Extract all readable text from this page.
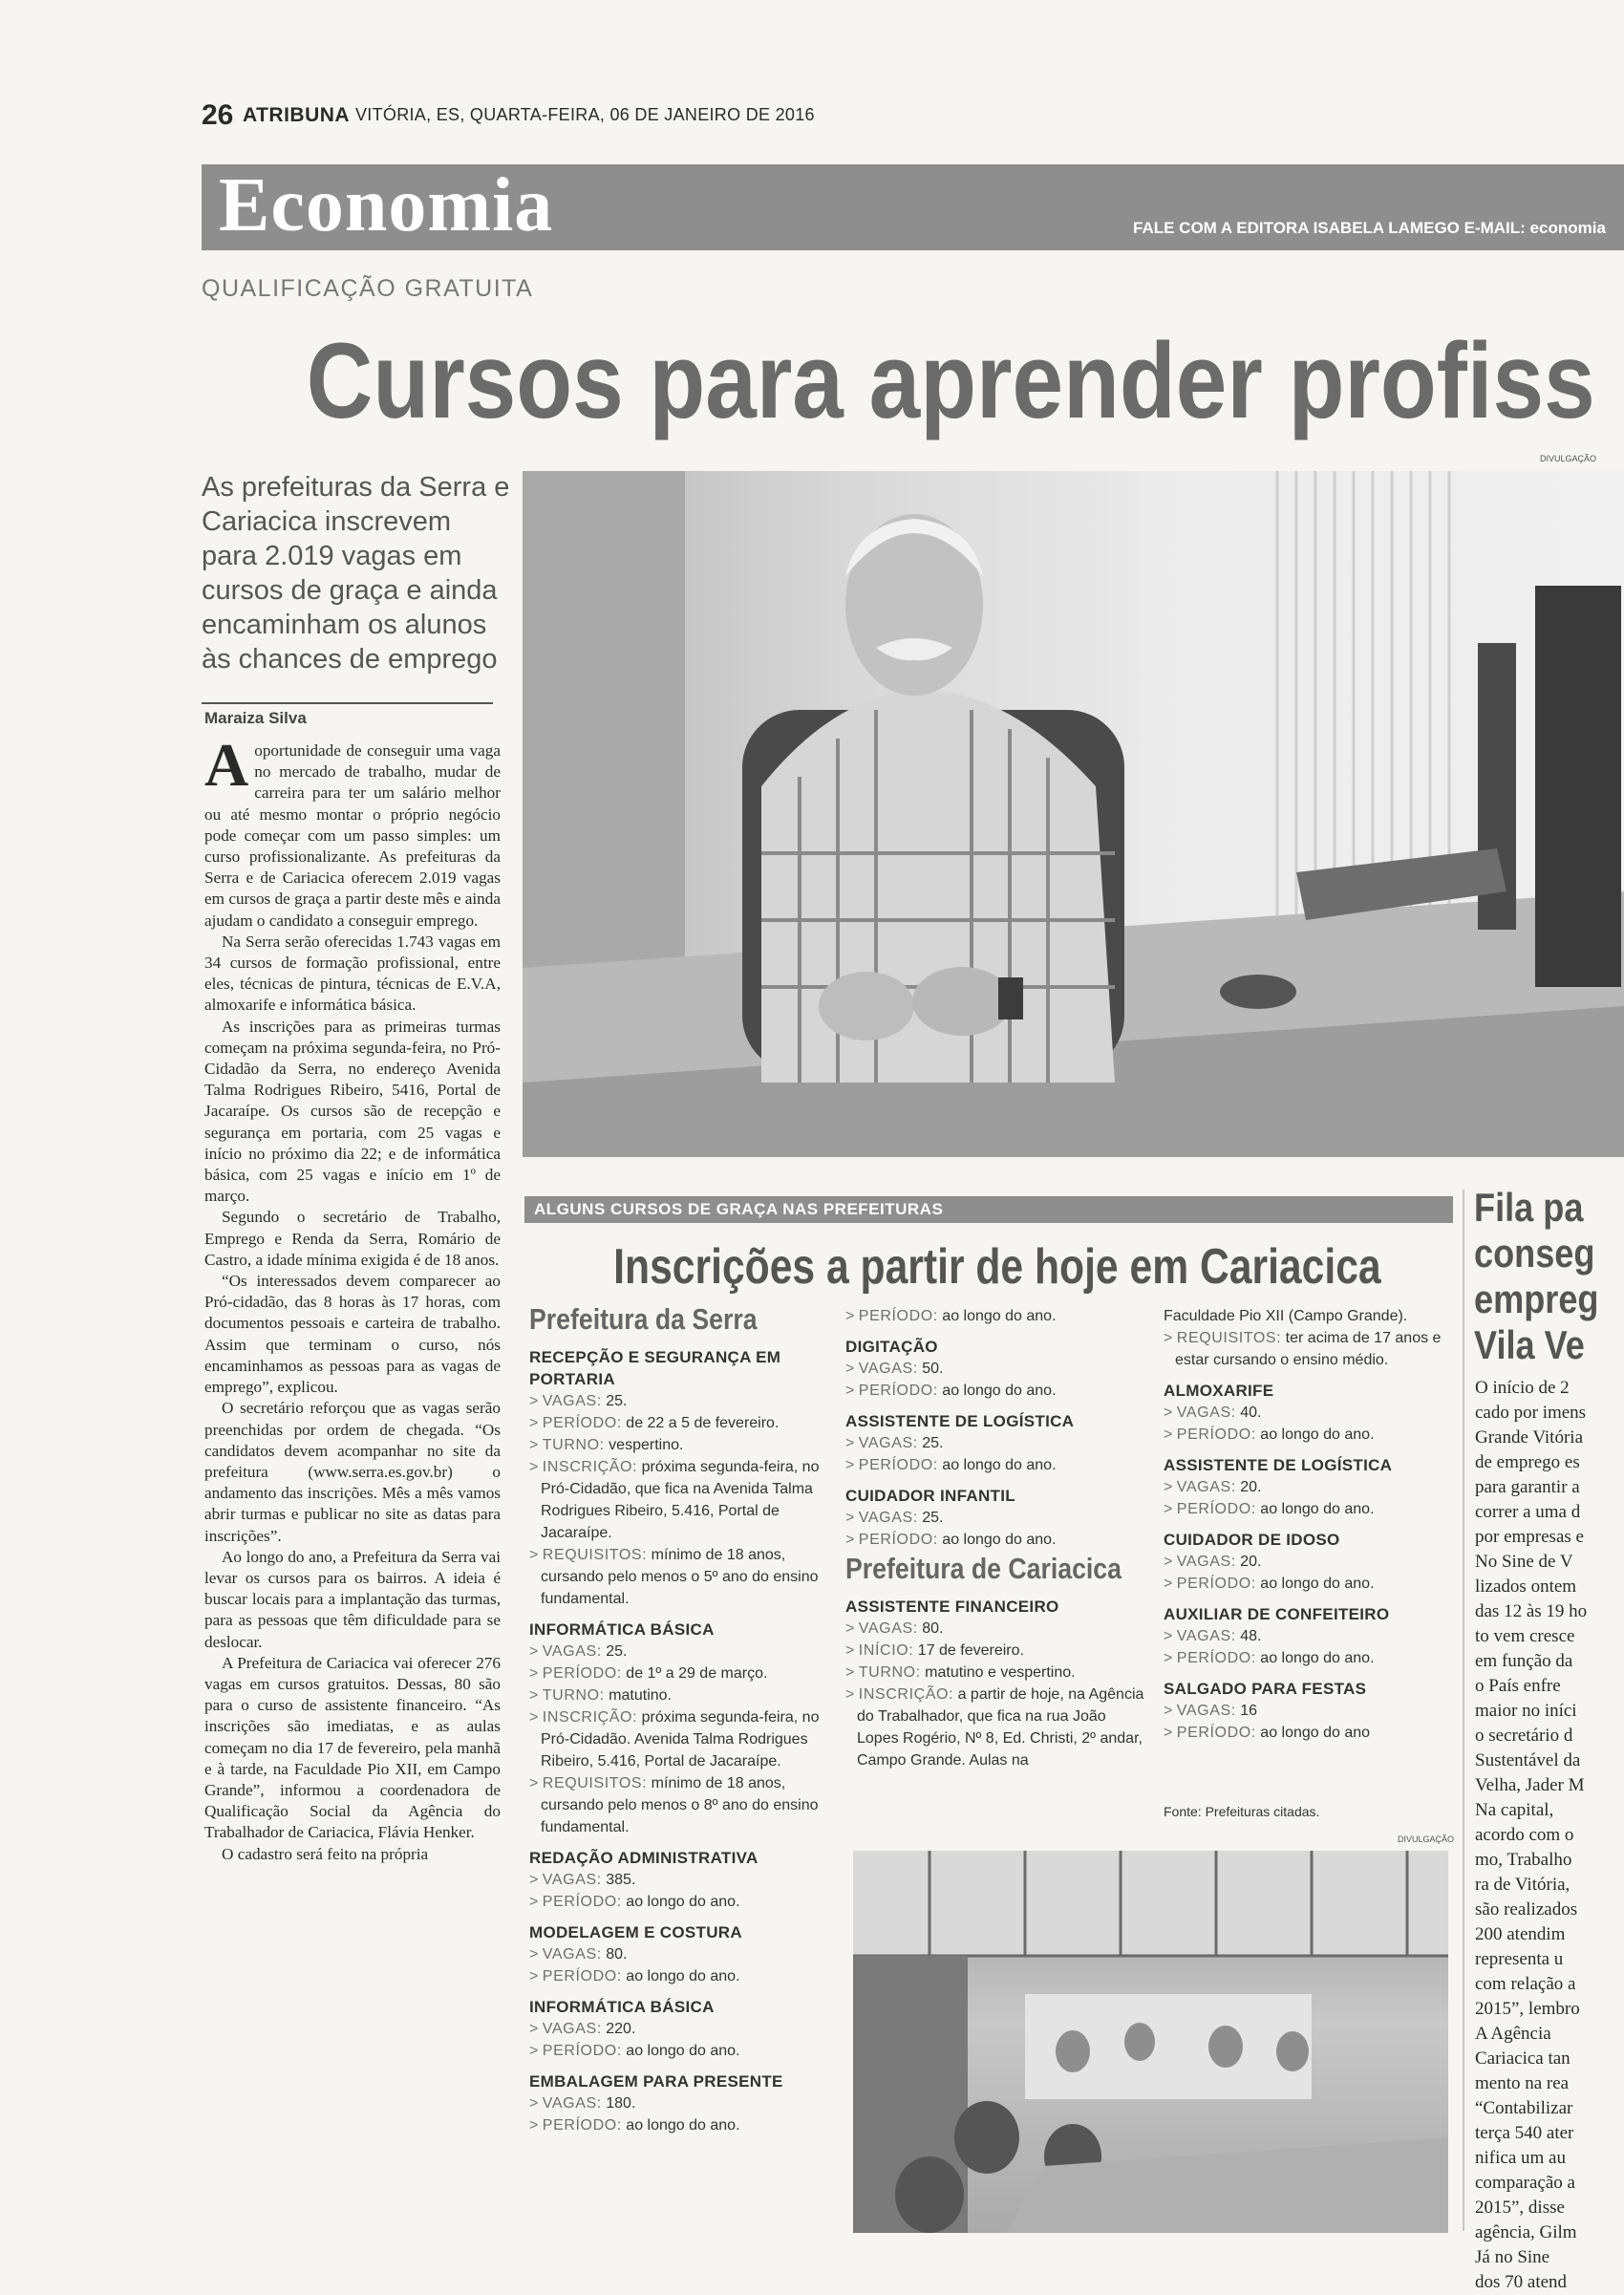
26 ATRIBUNA VITÓRIA, ES, QUARTA-FEIRA, 06 DE JANEIRO DE 2016
Economia	FALE COM A EDITORA ISABELA LAMEGO E-MAIL: economia
QUALIFICAÇÃO GRATUITA
Cursos para aprender profiss
As prefeituras da Serra e Cariacica inscrevem para 2.019 vagas em cursos de graça e ainda encaminham os alunos às chances de emprego
Maraiza Silva

Aoportunidade de conseguir uma vaga no mercado de trabalho, mudar de carreira para ter um salário melhor ou até mesmo montar o próprio negócio pode começar com um passo simples: um curso profissionalizante. As prefeituras da Serra e de Cariacica oferecem 2.019 vagas em cursos de graça a partir deste mês e ainda ajudam o candidato a conseguir emprego.

Na Serra serão oferecidas 1.743 vagas em 34 cursos de formação profissional, entre eles, técnicas de pintura, técnicas de E.V.A, almoxarife e informática básica.

As inscrições para as primeiras turmas começam na próxima segunda-feira, no Pró-Cidadão da Serra, no endereço Avenida Talma Rodrigues Ribeiro, 5416, Portal de Jacaraípe. Os cursos são de recepção e segurança em portaria, com 25 vagas e início no próximo dia 22; e de informática básica, com 25 vagas e início em 1º de março.

Segundo o secretário de Trabalho, Emprego e Renda da Serra, Romário de Castro, a idade mínima exigida é de 18 anos.

“Os interessados devem comparecer ao Pró-cidadão, das 8 horas às 17 horas, com documentos pessoais e carteira de trabalho. Assim que terminam o curso, nós encaminhamos as pessoas para as vagas de emprego”, explicou.

O secretário reforçou que as vagas serão preenchidas por ordem de chegada. “Os candidatos devem acompanhar no site da prefeitura (www.serra.es.gov.br) o andamento das inscrições. Mês a mês vamos abrir turmas e publicar no site as datas para inscrições”.

Ao longo do ano, a Prefeitura da Serra vai levar os cursos para os bairros. A ideia é buscar locais para a implantação das turmas, para as pessoas que têm dificuldade para se deslocar.

A Prefeitura de Cariacica vai oferecer 276 vagas em cursos gratuitos. Dessas, 80 são para o curso de assistente financeiro. “As inscrições são imediatas, e as aulas começam no dia 17 de fevereiro, pela manhã e à tarde, na Faculdade Pio XII, em Campo Grande”, informou a coordenadora de Qualificação Social da Agência do Trabalhador de Cariacica, Flávia Henker.

O cadastro será feito na própria

DIVULGAÇÃO
ALGUNS CURSOS DE GRAÇA NAS PREFEITURAS
Inscrições a partir de hoje em Cariacica
Prefeitura da Serra
RECEPÇÃO E SEGURANÇA EM PORTARIA
> VAGAS: 25.
> PERÍODO: de 22 a 5 de fevereiro.
> TURNO: vespertino.
> INSCRIÇÃO: próxima segunda-feira, no Pró-Cidadão, que fica na Avenida Talma Rodrigues Ribeiro, 5.416, Portal de Jacaraípe.
> REQUISITOS: mínimo de 18 anos, cursando pelo menos o 5º ano do ensino fundamental.
INFORMÁTICA BÁSICA
> VAGAS: 25.
> PERÍODO: de 1º a 29 de março.
> TURNO: matutino.
> INSCRIÇÃO: próxima segunda-feira, no Pró-Cidadão. Avenida Talma Rodrigues Ribeiro, 5.416, Portal de Jacaraípe.
> REQUISITOS: mínimo de 18 anos, cursando pelo menos o 8º ano do ensino fundamental.
REDAÇÃO ADMINISTRATIVA
> VAGAS: 385.
> PERÍODO: ao longo do ano.
MODELAGEM E COSTURA
> VAGAS: 80.
> PERÍODO: ao longo do ano.
INFORMÁTICA BÁSICA
> VAGAS: 220.
> PERÍODO: ao longo do ano.
EMBALAGEM PARA PRESENTE
> VAGAS: 180.
> PERÍODO: ao longo do ano.
> PERÍODO: ao longo do ano.
DIGITAÇÃO
> VAGAS: 50.
> PERÍODO: ao longo do ano.
ASSISTENTE DE LOGÍSTICA
> VAGAS: 25.
> PERÍODO: ao longo do ano.
CUIDADOR INFANTIL
> VAGAS: 25.
> PERÍODO: ao longo do ano.
Prefeitura de Cariacica
ASSISTENTE FINANCEIRO
> VAGAS: 80.
> INÍCIO: 17 de fevereiro.
> TURNO: matutino e vespertino.
> INSCRIÇÃO: a partir de hoje, na Agência do Trabalhador, que fica na rua João Lopes Rogério, Nº 8, Ed. Christi, 2º andar, Campo Grande. Aulas na
Faculdade Pio XII (Campo Grande).
> REQUISITOS: ter acima de 17 anos e estar cursando o ensino médio.
ALMOXARIFE
> VAGAS: 40.
> PERÍODO: ao longo do ano.
ASSISTENTE DE LOGÍSTICA
> VAGAS: 20.
> PERÍODO: ao longo do ano.
CUIDADOR DE IDOSO
> VAGAS: 20.
> PERÍODO: ao longo do ano.
AUXILIAR DE CONFEITEIRO
> VAGAS: 48.
> PERÍODO: ao longo do ano.
SALGADO PARA FESTAS
> VAGAS: 16
> PERÍODO: ao longo do ano
Fonte: Prefeituras citadas.
DIVULGAÇÃO
Fila pa
conseg
empreg
Vila Ve
O início de 2
cado por imens
Grande Vitória
de emprego es
para garantir a
correr a uma d
por empresas e
No Sine de V
lizados ontem
das 12 às 19 ho
to vem cresce
em função da
o País enfre
maior no iníci
o secretário d
Sustentável da
Velha, Jader M
Na capital,
acordo com o
mo, Trabalho
ra de Vitória,
são realizados
200 atendim
representa u
com relação a
2015”, lembro
A Agência
Cariacica tan
mento na rea
“Contabilizar
terça 540 ater
nifica um au
comparação a
2015”, disse
agência, Gilm
Já no Sine
dos 70 atend
